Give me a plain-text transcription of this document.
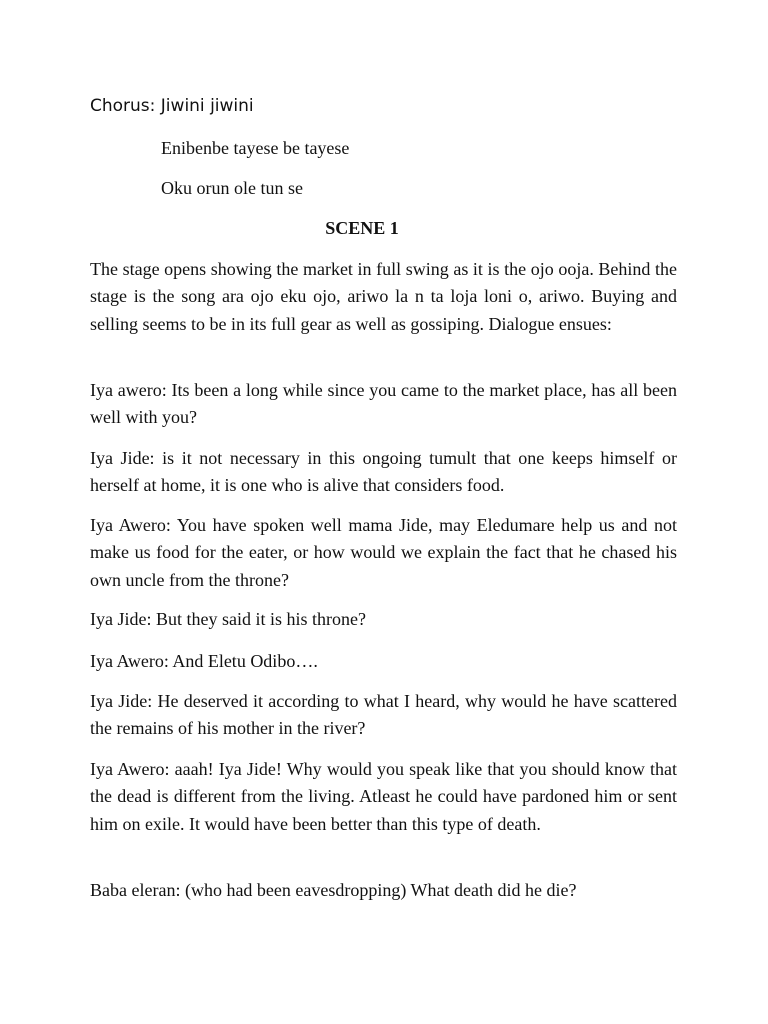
Chorus: Jiwini jiwini
Enibenbe tayese be tayese
Oku orun ole tun se
SCENE 1

The stage opens showing the market in full swing as it is the ojo ooja. Behind the stage is the song ara ojo eku ojo, ariwo la n ta loja loni o, ariwo. Buying and selling seems to be in its full gear as well as gossiping. Dialogue ensues:

Iya awero: Its been a long while since you came to the market place, has all been well with you?

Iya Jide: is it not necessary in this ongoing tumult that one keeps himself or herself at home, it is one who is alive that considers food.

Iya Awero: You have spoken well mama Jide, may Eledumare help us and not make us food for the eater, or how would we explain the fact that he chased his own uncle from the throne?

Iya Jide: But they said it is his throne?

Iya Awero: And Eletu Odibo….

Iya Jide: He deserved it according to what I heard, why would he have scattered the remains of his mother in the river?

Iya Awero: aaah! Iya Jide! Why would you speak like that you should know that the dead is different from the living. Atleast he could have pardoned him or sent him on exile. It would have been better than this type of death.

Baba eleran: (who had been eavesdropping) What death did he die?
